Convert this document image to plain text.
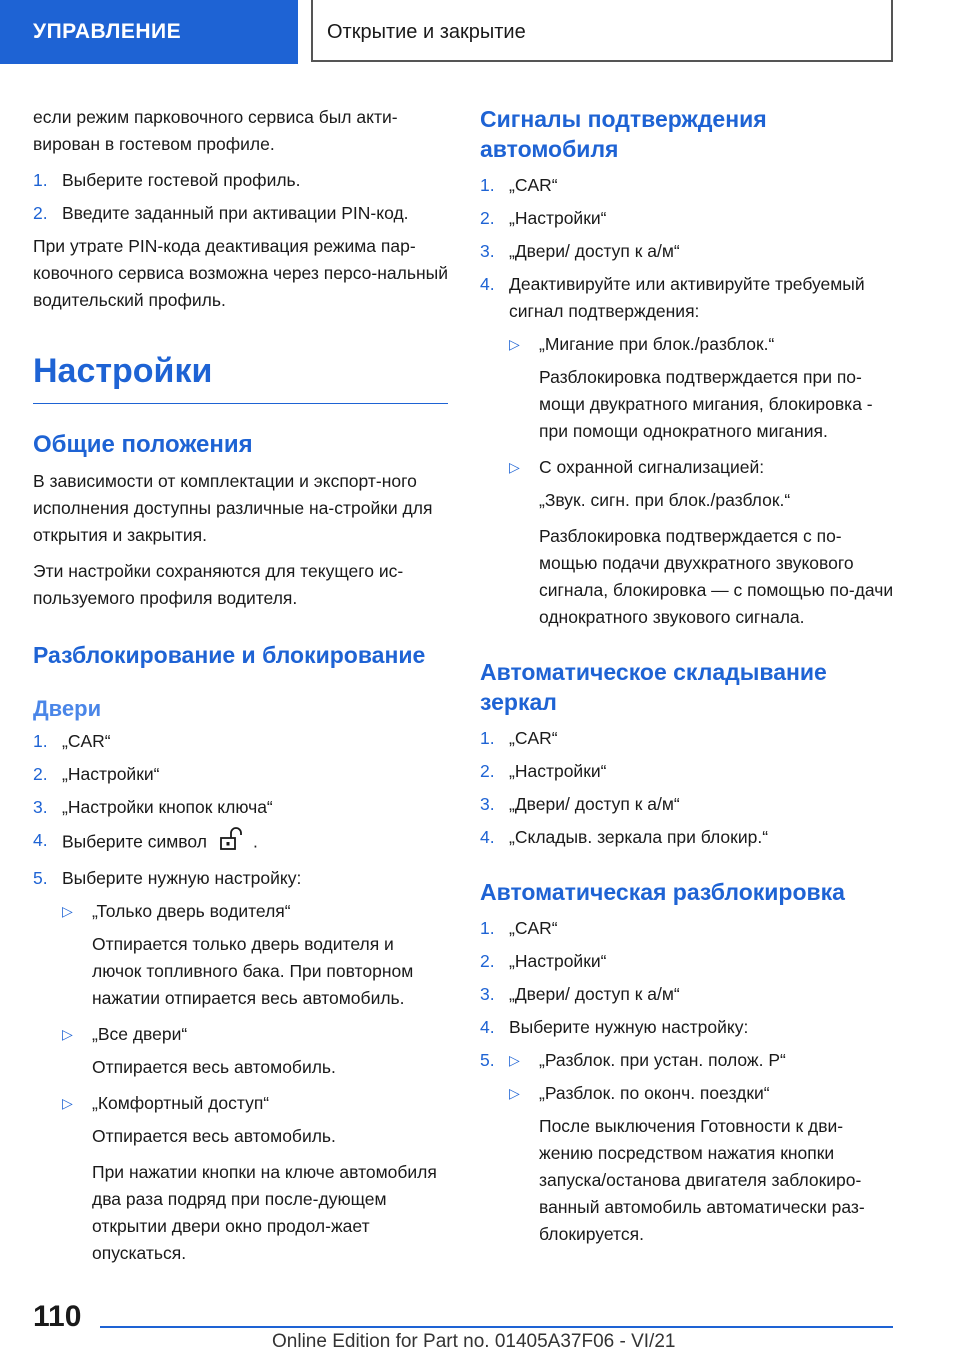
УПРАВЛЕНИЕ	Открытие и закрытие

если режим парковочного сервиса был акти-вирован в гостевом профиле.

1. Выберите гостевой профиль.
2. Введите заданный при активации PIN-код.

При утрате PIN-кода деактивация режима пар-ковочного сервиса возможна через персо-нальный водительский профиль.

Настройки
Общие положения

В зависимости от комплектации и экспорт-ного исполнения доступны различные на-стройки для открытия и закрытия.

Эти настройки сохраняются для текущего ис-пользуемого профиля водителя.

Разблокирование и блокирование
Двери
1. „CAR“
2. „Настройки“
3. „Настройки кнопок ключа“
4. Выберите символ	.
5. Выберите нужную настройку:
▷	„Только дверь водителя“
Отпирается только дверь водителя и лючок топливного бака. При повторном нажатии отпирается весь автомобиль.
▷	„Все двери“
Отпирается весь автомобиль.
▷	„Комфортный доступ“
Отпирается весь автомобиль.
При нажатии кнопки на ключе автомобиля два раза подряд при после-дующем открытии двери окно продол-жает опускаться.
Сигналы подтверждения автомобиля
1. „CAR“
2. „Настройки“
3. „Двери/ доступ к а/м“
4. Деактивируйте или активируйте требуемый сигнал подтверждения:
▷	„Мигание при блок./разблок.“
Разблокировка подтверждается при по-мощи двукратного мигания, блокировка - при помощи однократного мигания.
▷	С охранной сигнализацией:
„Звук. сигн. при блок./разблок.“
Разблокировка подтверждается с по-мощью подачи двухкратного звукового сигнала, блокировка — с помощью по-дачи однократного звукового сигнала.
Автоматическое складывание зеркал
1. „CAR“
2. „Настройки“
3. „Двери/ доступ к а/м“
4. „Складыв. зеркала при блокир.“
Автоматическая разблокировка
1. „CAR“
2. „Настройки“
3. „Двери/ доступ к а/м“
4. Выберите нужную настройку:
5.	▷	„Разблок. при устан. полож. P“
▷	„Разблок. по оконч. поездки“
После выключения Готовности к дви-жению посредством нажатия кнопки запуска/останова двигателя заблокиро-ванный автомобиль автоматически раз-блокируется.
110
Online Edition for Part no. 01405A37F06 - VI/21
